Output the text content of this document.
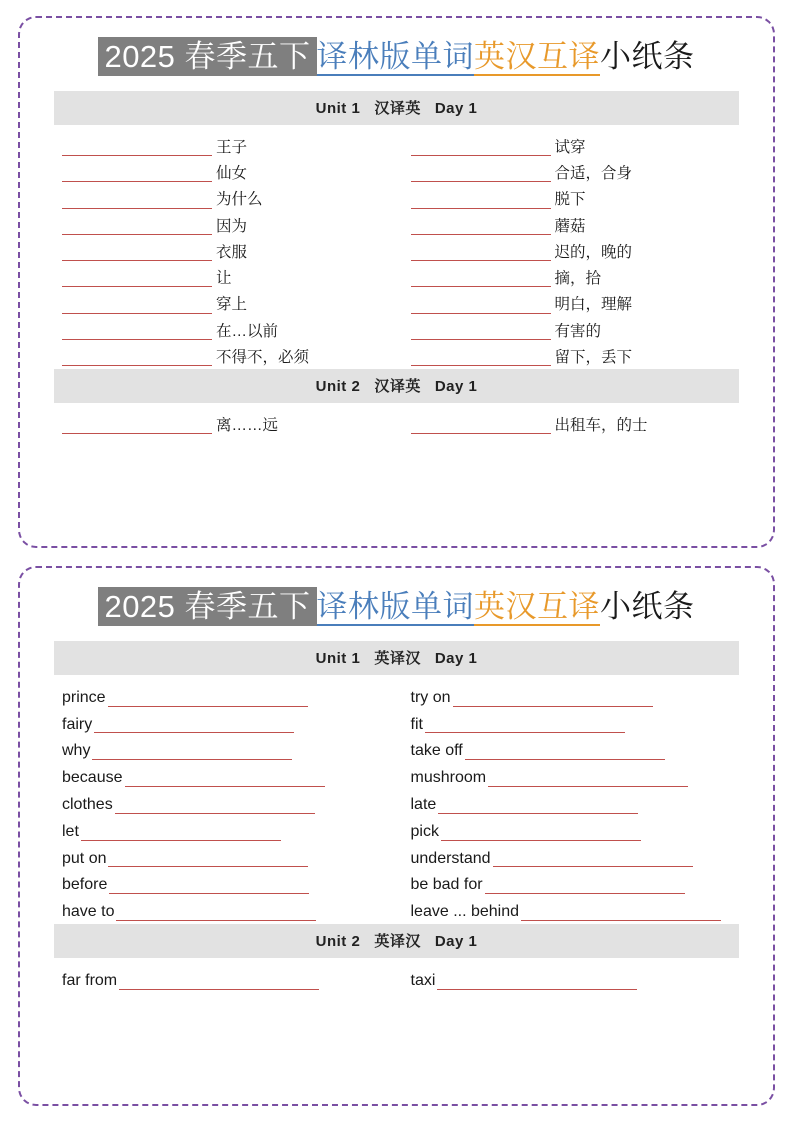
2025 春季五下 译林版单词英汉互译小纸条
Unit 1 汉译英 Day 1
王子	试穿
仙女	合适，合身
为什么	脱下
因为	蘑菇
衣服	迟的，晚的
让	摘，拾
穿上	明白，理解
在…以前	有害的
不得不，必须	留下，丢下
Unit 2 汉译英 Day 1
离……远	出租车，的士
2025 春季五下 译林版单词英汉互译小纸条
Unit 1 英译汉 Day 1
prince	try on
fairy	fit
why	take off
because	mushroom
clothes	late
let	pick
put on	understand
before	be bad for
have to	leave ... behind
Unit 2 英译汉 Day 1
far from	taxi
